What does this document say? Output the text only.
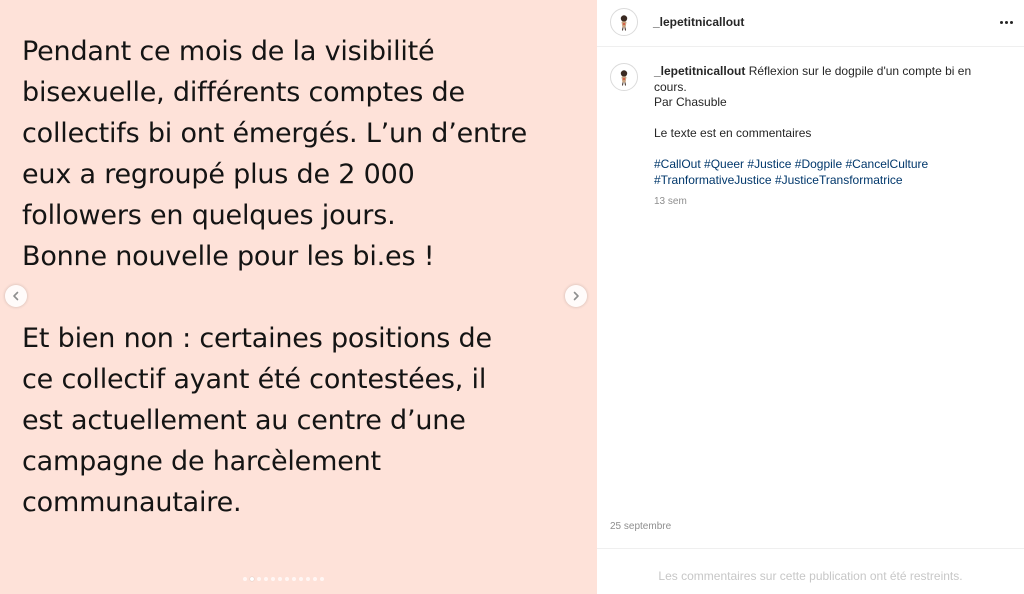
Pendant ce mois de la visibilité
bisexuelle, différents comptes de
collectifs bi ont émergés. L’un d’entre
eux a regroupé plus de 2 000
followers en quelques jours.
Bonne nouvelle pour les bi.es !
Et bien non : certaines positions de
ce collectif ayant été contestées, il
est actuellement au centre d’une
campagne de harcèlement
communautaire.
_lepetitnicallout
_lepetitnicallout Réflexion sur le dogpile d'un compte bi en
cours.
Par Chasuble
Le texte est en commentaires
#CallOut #Queer #Justice #Dogpile #CancelCulture
#TranformativeJustice #JusticeTransformatrice
13 sem
25 septembre
Les commentaires sur cette publication ont été restreints.
